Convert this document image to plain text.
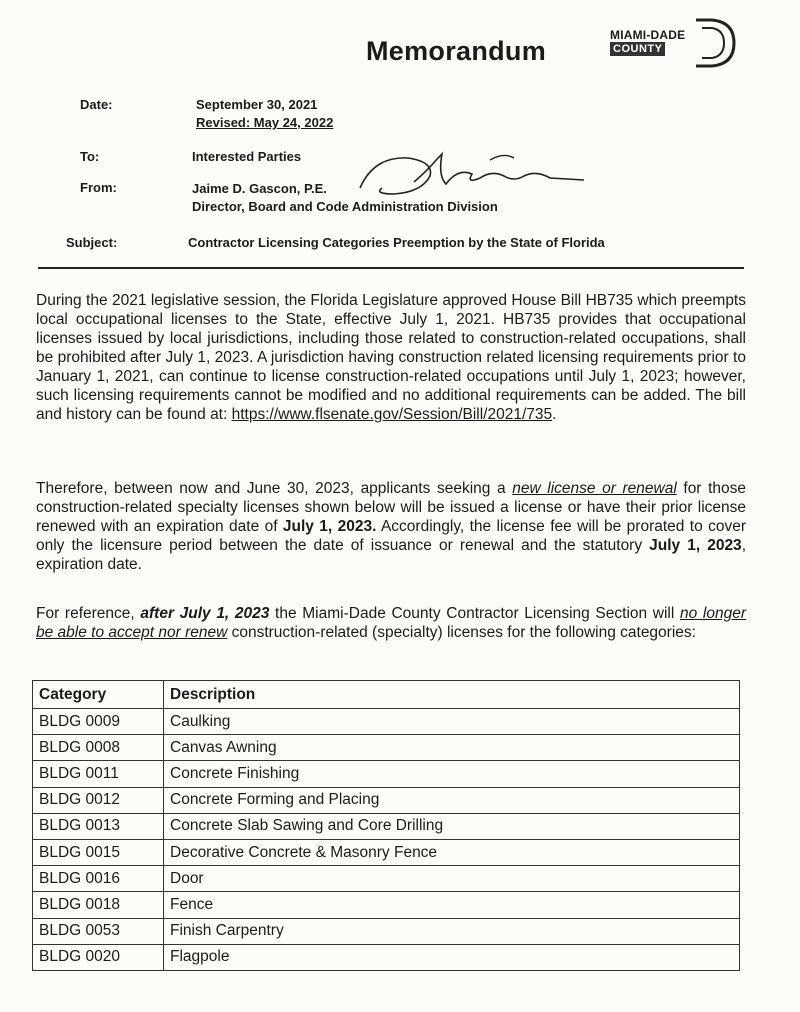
Memorandum
MIAMI-DADE
COUNTY
Date:	September 30, 2021
Revised: May 24, 2022
To:	Interested Parties
From:	Jaime D. Gascon, P.E.
Director, Board and Code Administration Division
Subject:	Contractor Licensing Categories Preemption by the State of Florida
During the 2021 legislative session, the Florida Legislature approved House Bill HB735 which preempts local occupational licenses to the State, effective July 1, 2021. HB735 provides that occupational licenses issued by local jurisdictions, including those related to construction-related occupations, shall be prohibited after July 1, 2023. A jurisdiction having construction related licensing requirements prior to January 1, 2021, can continue to license construction-related occupations until July 1, 2023; however, such licensing requirements cannot be modified and no additional requirements can be added. The bill and history can be found at: https://www.flsenate.gov/Session/Bill/2021/735.
Therefore, between now and June 30, 2023, applicants seeking a new license or renewal for those construction-related specialty licenses shown below will be issued a license or have their prior license renewed with an expiration date of July 1, 2023. Accordingly, the license fee will be prorated to cover only the licensure period between the date of issuance or renewal and the statutory July 1, 2023, expiration date.
For reference, after July 1, 2023 the Miami-Dade County Contractor Licensing Section will no longer be able to accept nor renew construction-related (specialty) licenses for the following categories:
Category	Description
BLDG 0009	Caulking
BLDG 0008	Canvas Awning
BLDG 0011	Concrete Finishing
BLDG 0012	Concrete Forming and Placing
BLDG 0013	Concrete Slab Sawing and Core Drilling
BLDG 0015	Decorative Concrete & Masonry Fence
BLDG 0016	Door
BLDG 0018	Fence
BLDG 0053	Finish Carpentry
BLDG 0020	Flagpole
